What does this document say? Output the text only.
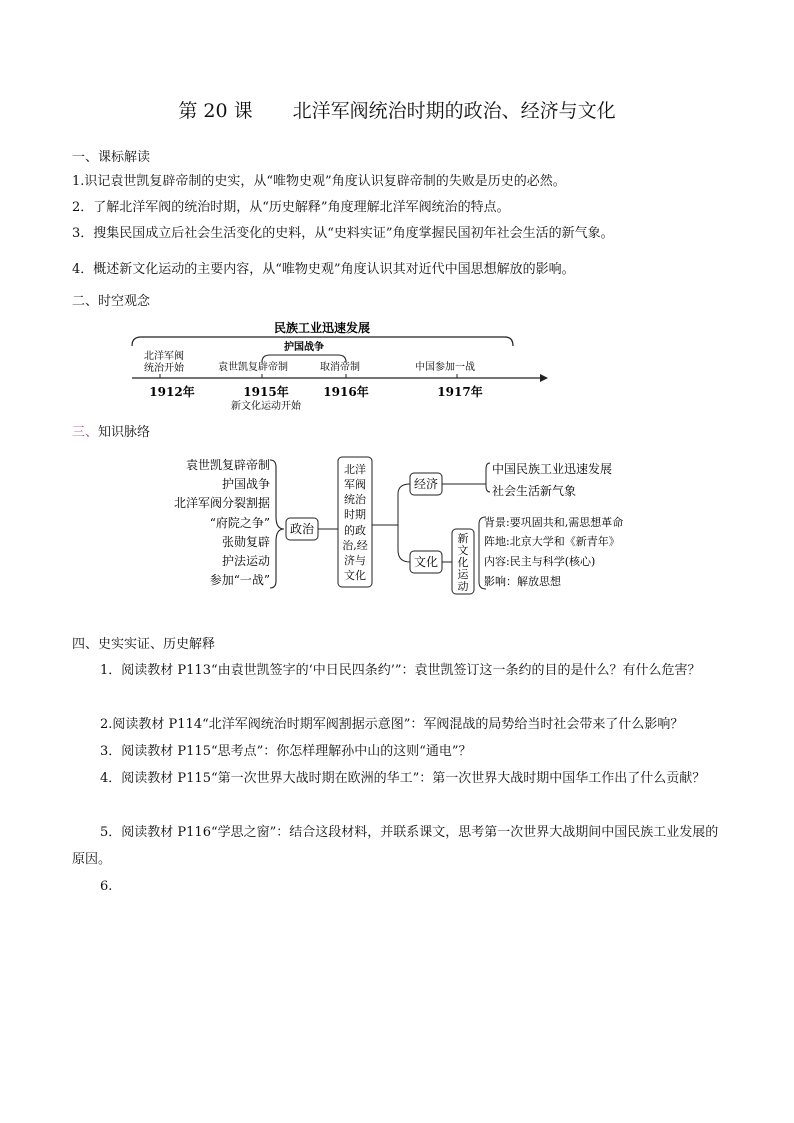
第 20 课 北洋军阀统治时期的政治、经济与文化
一、课标解读
1.识记袁世凯复辟帝制的史实，从“唯物史观”角度认识复辟帝制的失败是历史的必然。
2．了解北洋军阀的统治时期，从“历史解释”角度理解北洋军阀统治的特点。
3．搜集民国成立后社会生活变化的史料，从“史料实证”角度掌握民国初年社会生活的新气象。
4．概述新文化运动的主要内容，从“唯物史观”角度认识其对近代中国思想解放的影响。
二、时空观念
民族工业迅速发展
护国战争
北洋军阀
统治开始	袁世凯复辟帝制	取消帝制	中国参加一战
1912年	1915年	1916年	1917年
新文化运动开始
三、知识脉络
袁世凯复辟帝制
护国战争
北洋军阀分裂割据
“府院之争”
张勋复辟
护法运动
参加“一战”
政治
北洋
军阀
统治
时期
的政
治,经
济与
文化
经济
中国民族工业迅速发展
社会生活新气象
文化
新
文
化
运
动
背景:要巩固共和,需思想革命
阵地:北京大学和《新青年》
内容:民主与科学(核心)
影响：解放思想
四、史实实证、历史解释
1．阅读教材 P113“由袁世凯签字的‘中日民四条约’”：袁世凯签订这一条约的目的是什么？有什么危害？
2.阅读教材 P114“北洋军阀统治时期军阀割据示意图”：军阀混战的局势给当时社会带来了什么影响？
3．阅读教材 P115“思考点”：你怎样理解孙中山的这则“通电”？
4．阅读教材 P115“第一次世界大战时期在欧洲的华工”：第一次世界大战时期中国华工作出了什么贡献？
5．阅读教材 P116“学思之窗”：结合这段材料，并联系课文，思考第一次世界大战期间中国民族工业发展的原因。
6.
